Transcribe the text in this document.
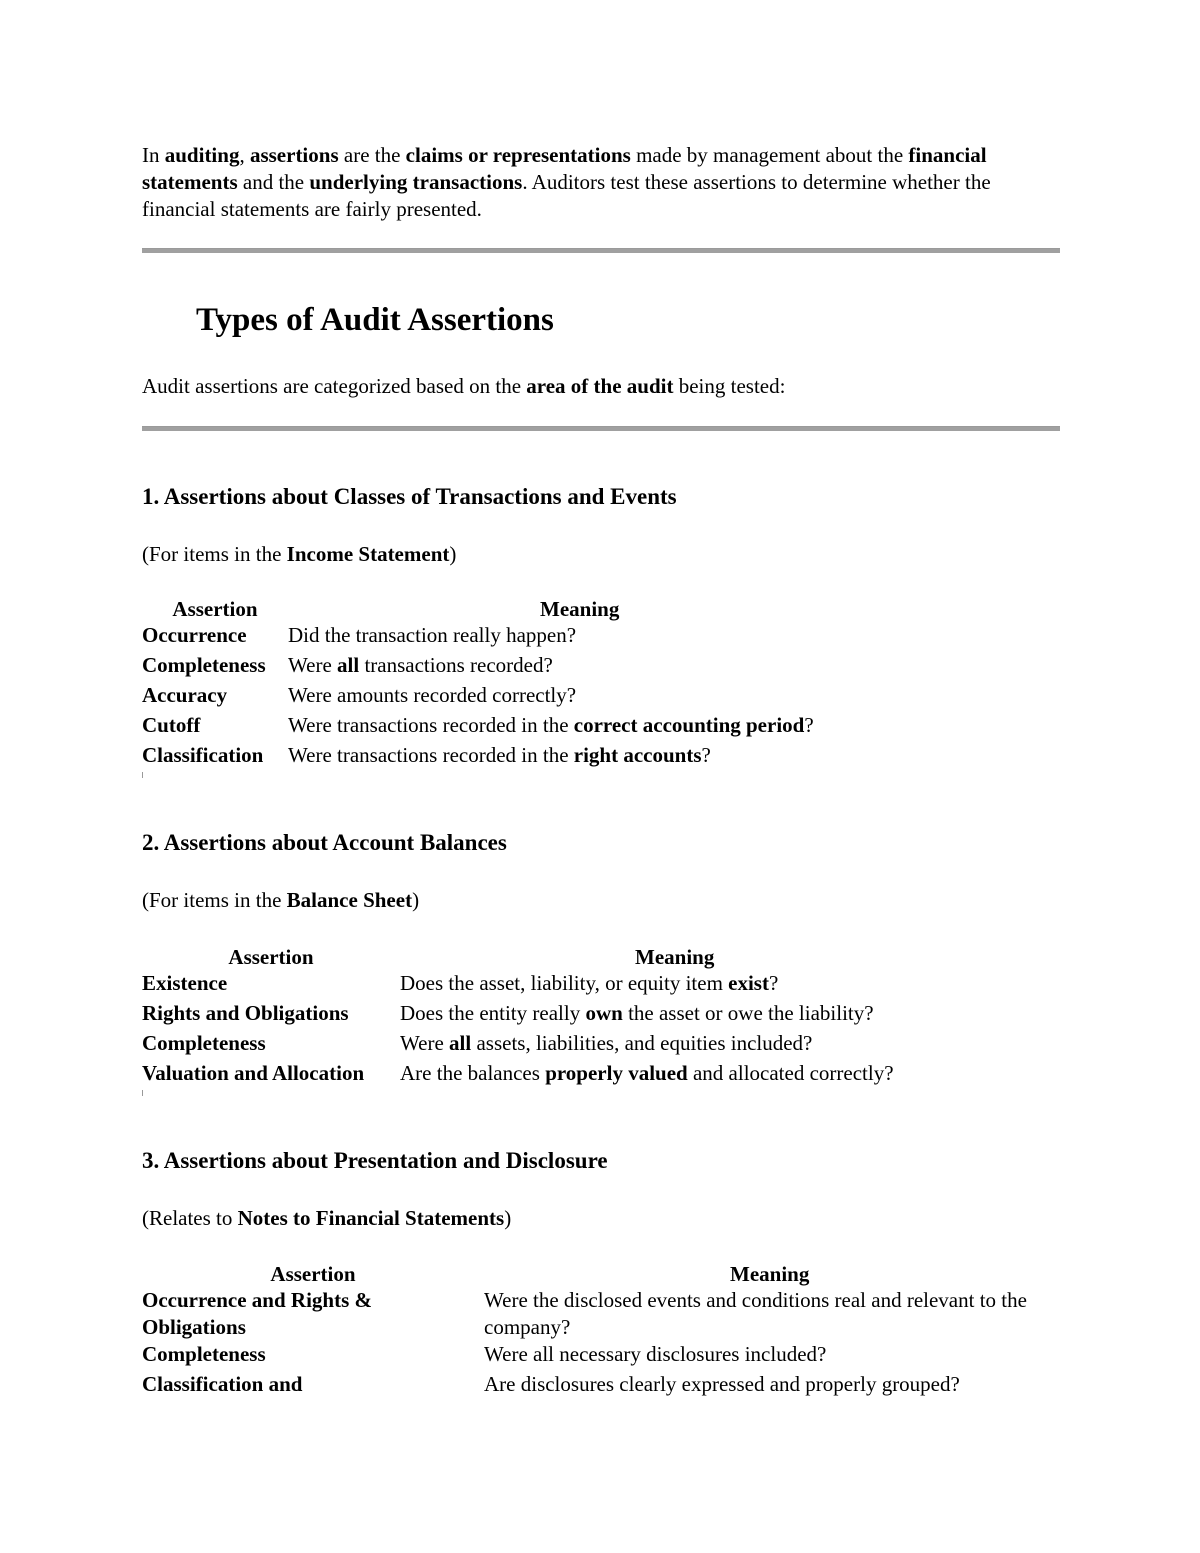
In auditing, assertions are the claims or representations made by management about the financial statements and the underlying transactions. Auditors test these assertions to determine whether the financial statements are fairly presented.
Types of Audit Assertions
Audit assertions are categorized based on the area of the audit being tested:
1. Assertions about Classes of Transactions and Events
(For items in the Income Statement)
Assertion	Meaning
Occurrence	Did the transaction really happen?
Completeness	Were all transactions recorded?
Accuracy	Were amounts recorded correctly?
Cutoff	Were transactions recorded in the correct accounting period?
Classification	Were transactions recorded in the right accounts?
2. Assertions about Account Balances
(For items in the Balance Sheet)
Assertion	Meaning
Existence	Does the asset, liability, or equity item exist?
Rights and Obligations	Does the entity really own the asset or owe the liability?
Completeness	Were all assets, liabilities, and equities included?
Valuation and Allocation	Are the balances properly valued and allocated correctly?
3. Assertions about Presentation and Disclosure
(Relates to Notes to Financial Statements)
Assertion	Meaning
Occurrence and Rights & Obligations	Were the disclosed events and conditions real and relevant to the company?
Completeness	Were all necessary disclosures included?
Classification and	Are disclosures clearly expressed and properly grouped?
